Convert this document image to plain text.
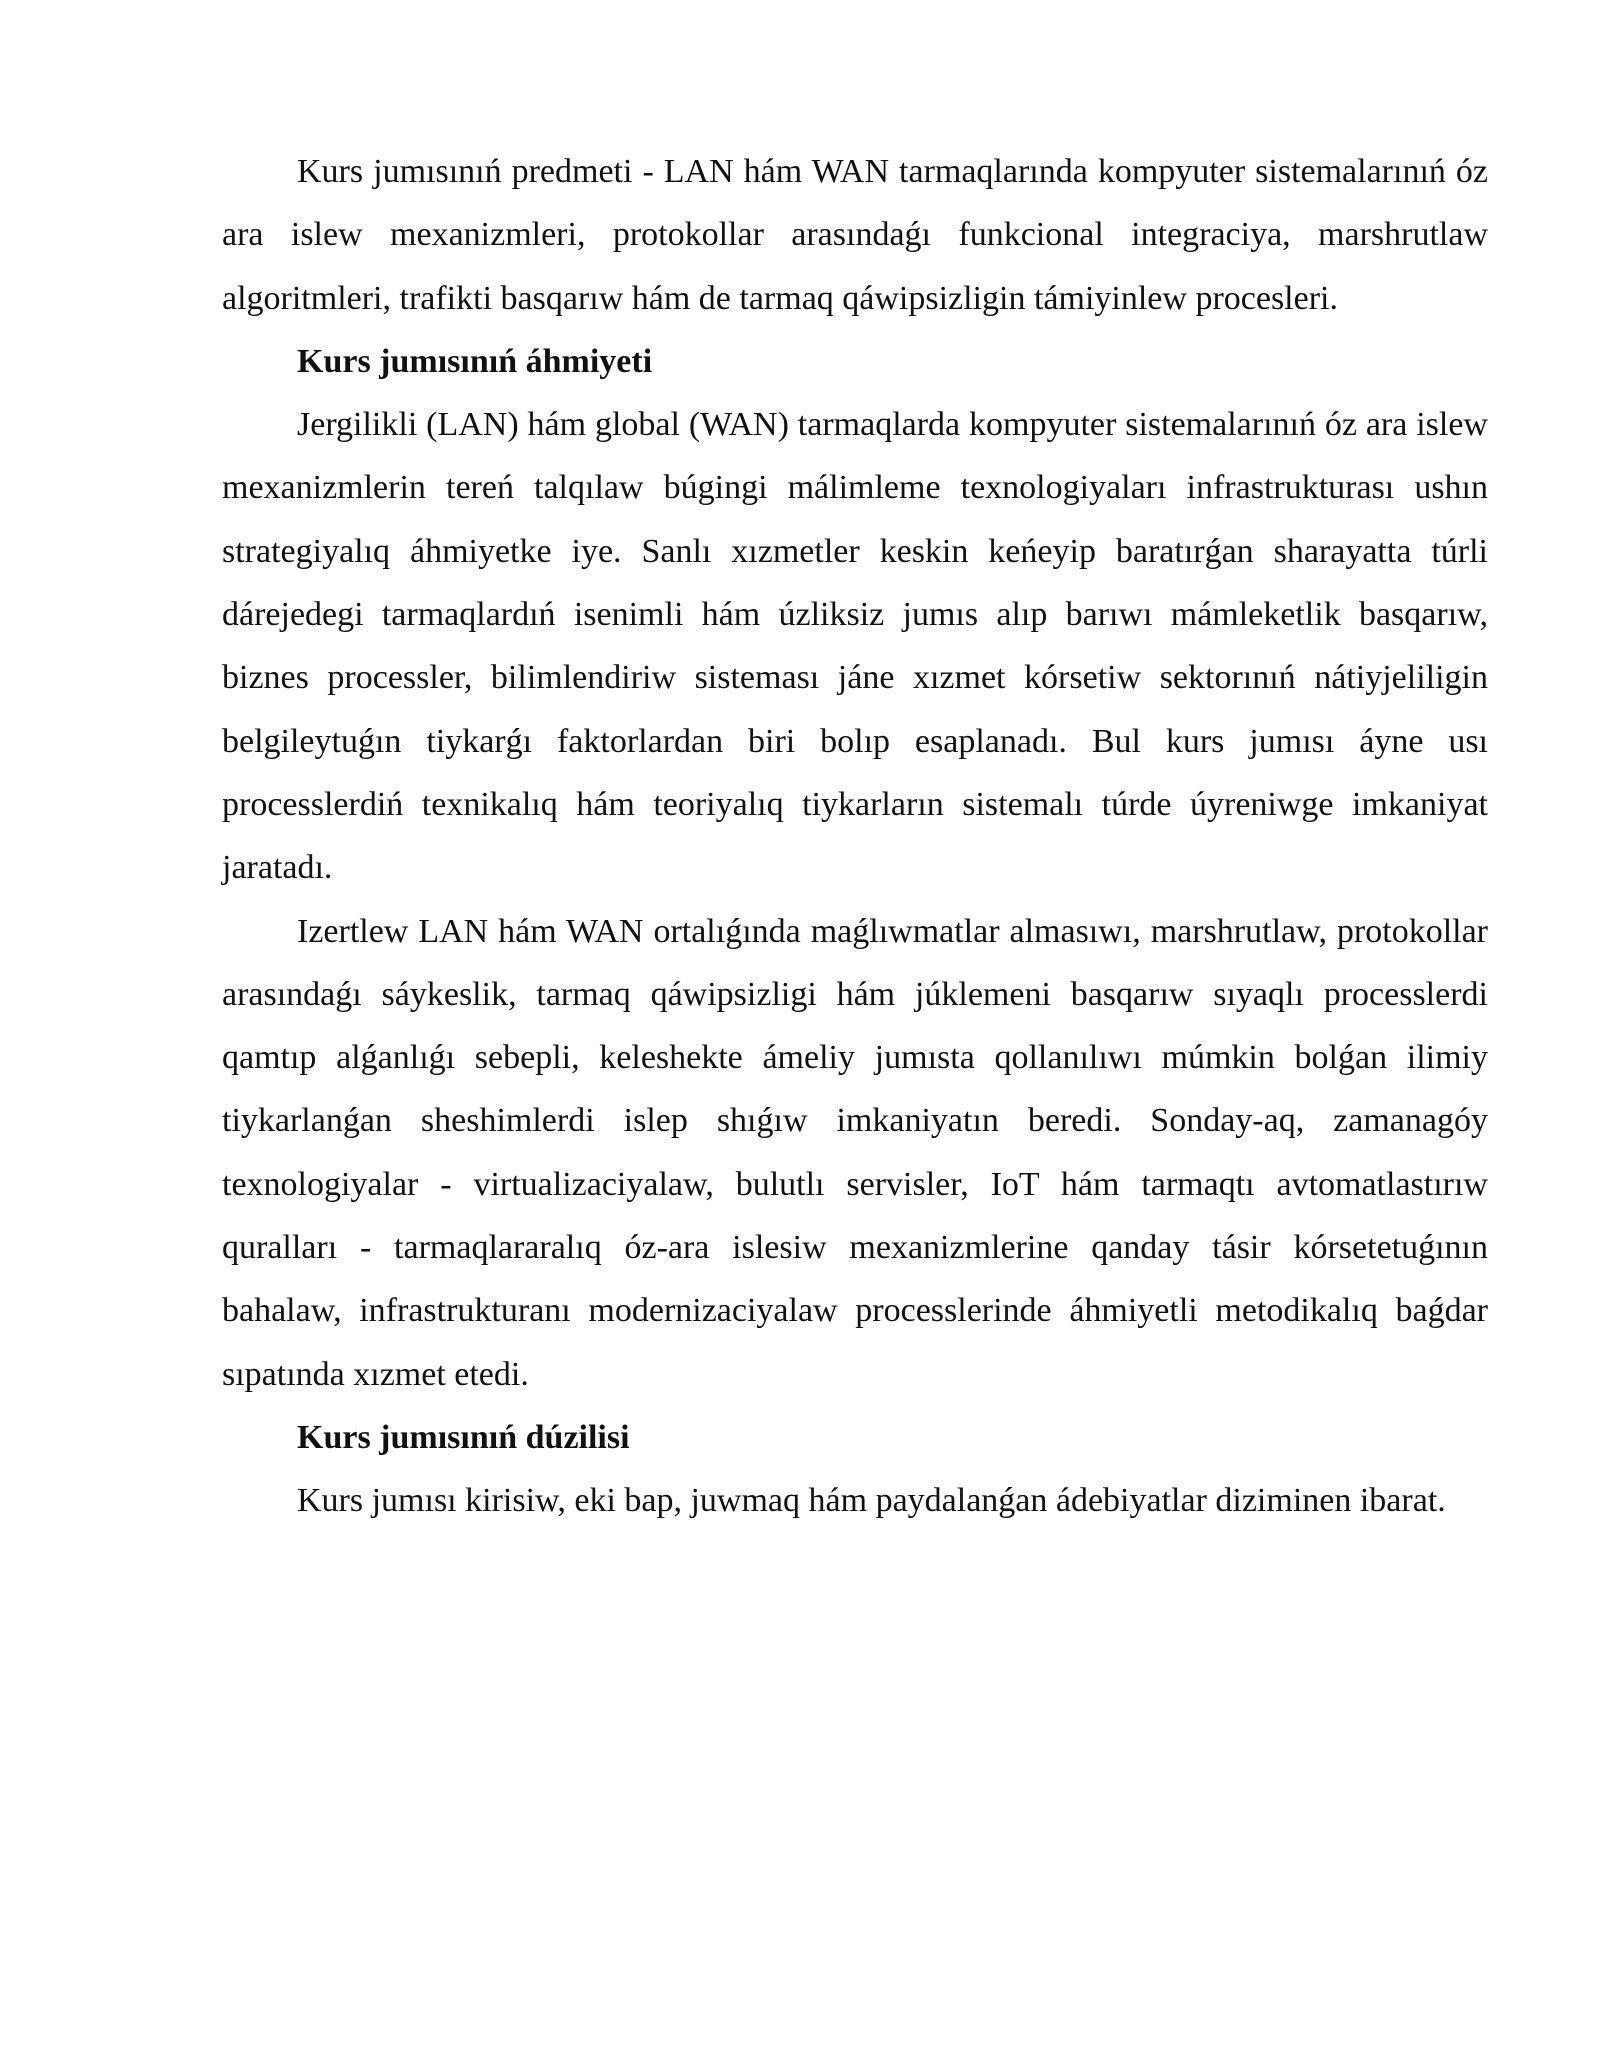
Kurs jumısınıń predmeti - LAN hám WAN tarmaqlarında kompyuter sistemalarınıń óz ara islew mexanizmleri, protokollar arasındaǵı funkcional integraciya, marshrutlaw algoritmleri, trafikti basqarıw hám de tarmaq qáwipsizligin támiyinlew procesleri.

Kurs jumısınıń áhmiyeti

Jergilikli (LAN) hám global (WAN) tarmaqlarda kompyuter sistemalarınıń óz ara islew mexanizmlerin tereń talqılaw búgingi málimleme texnologiyaları infrastrukturası ushın strategiyalıq áhmiyetke iye. Sanlı xızmetler keskin keńeyip baratırǵan sharayatta túrli dárejedegi tarmaqlardıń isenimli hám úzliksiz jumıs alıp barıwı mámleketlik basqarıw, biznes processler, bilimlendiriw sisteması jáne xızmet kórsetiw sektorınıń nátiyjeliligin belgileytuǵın tiykarǵı faktorlardan biri bolıp esaplanadı. Bul kurs jumısı áyne usı processlerdiń texnikalıq hám teoriyalıq tiykarların sistemalı túrde úyreniwge imkaniyat jaratadı.

Izertlew LAN hám WAN ortalıǵında maǵlıwmatlar almasıwı, marshrutlaw, protokollar arasındaǵı sáykeslik, tarmaq qáwipsizligi hám júklemeni basqarıw sıyaqlı processlerdi qamtıp alǵanlıǵı sebepli, keleshekte ámeliy jumısta qollanılıwı múmkin bolǵan ilimiy tiykarlanǵan sheshimlerdi islep shıǵıw imkaniyatın beredi. Sonday-aq, zamanagóy texnologiyalar - virtualizaciyalaw, bulutlı servisler, IoT hám tarmaqtı avtomatlastırıw quralları - tarmaqlararalıq óz-ara islesiw mexanizmlerine qanday tásir kórsetetuǵının bahalaw, infrastrukturanı modernizaciyalaw processlerinde áhmiyetli metodikalıq baǵdar sıpatında xızmet etedi.

Kurs jumısınıń dúzilisi

Kurs jumısı kirisiw, eki bap, juwmaq hám paydalanǵan ádebiyatlar diziminen ibarat.
